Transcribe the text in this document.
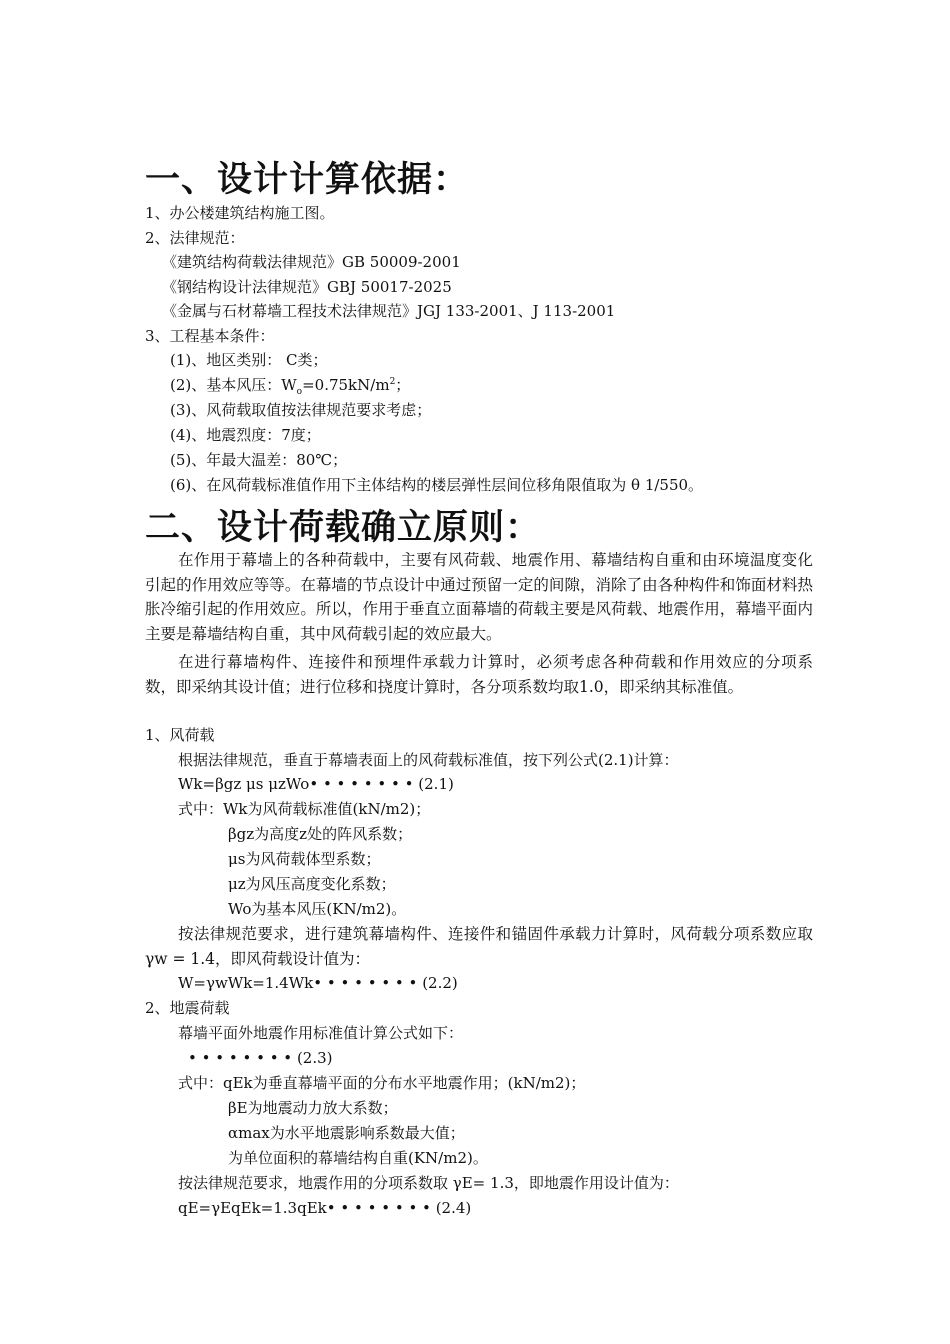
一、设计计算依据：
1、办公楼建筑结构施工图。
2、法律规范：
《建筑结构荷载法律规范》GB 50009-2001
《钢结构设计法律规范》GBJ 50017-2025
《金属与石材幕墙工程技术法律规范》JGJ 133-2001、J 113-2001
3、工程基本条件：
(1)、地区类别： C类；
(2)、基本风压：$W_o=0.75kN/m^2$；
(3)、风荷载取值按法律规范要求考虑；
(4)、地震烈度：7度；
(5)、年最大温差：80℃；
(6)、在风荷载标准值作用下主体结构的楼层弹性层间位移角限值取为 θ 1/550。
二、设计荷载确立原则：
在作用于幕墙上的各种荷载中，主要有风荷载、地震作用、幕墙结构自重和由环境温度变化引起的作用效应等等。在幕墙的节点设计中通过预留一定的间隙，消除了由各种构件和饰面材料热胀冷缩引起的作用效应。所以，作用于垂直立面幕墙的荷载主要是风荷载、地震作用，幕墙平面内主要是幕墙结构自重，其中风荷载引起的效应最大。
在进行幕墙构件、连接件和预埋件承载力计算时，必须考虑各种荷载和作用效应的分项系数，即采纳其设计值；进行位移和挠度计算时，各分项系数均取1.0，即采纳其标准值。
1、风荷载
根据法律规范，垂直于幕墙表面上的风荷载标准值，按下列公式(2.1)计算：
Wk=βgz μs μzWo• • • • • • • • (2.1)
式中：Wk为风荷载标准值(kN/m2)；
βgz为高度z处的阵风系数；
μs为风荷载体型系数；
μz为风压高度变化系数；
Wo为基本风压(KN/m2)。
按法律规范要求，进行建筑幕墙构件、连接件和锚固件承载力计算时，风荷载分项系数应取 γw = 1.4，即风荷载设计值为：
W=γwWk=1.4Wk• • • • • • • • (2.2)
2、地震荷载
幕墙平面外地震作用标准值计算公式如下：
• • • • • • • • (2.3)
式中：qEk为垂直幕墙平面的分布水平地震作用；(kN/m2)；
βE为地震动力放大系数；
αmax为水平地震影响系数最大值；
为单位面积的幕墙结构自重(KN/m2)。
按法律规范要求，地震作用的分项系数取 γE= 1.3，即地震作用设计值为：
qE=γEqEk=1.3qEk• • • • • • • • (2.4)
